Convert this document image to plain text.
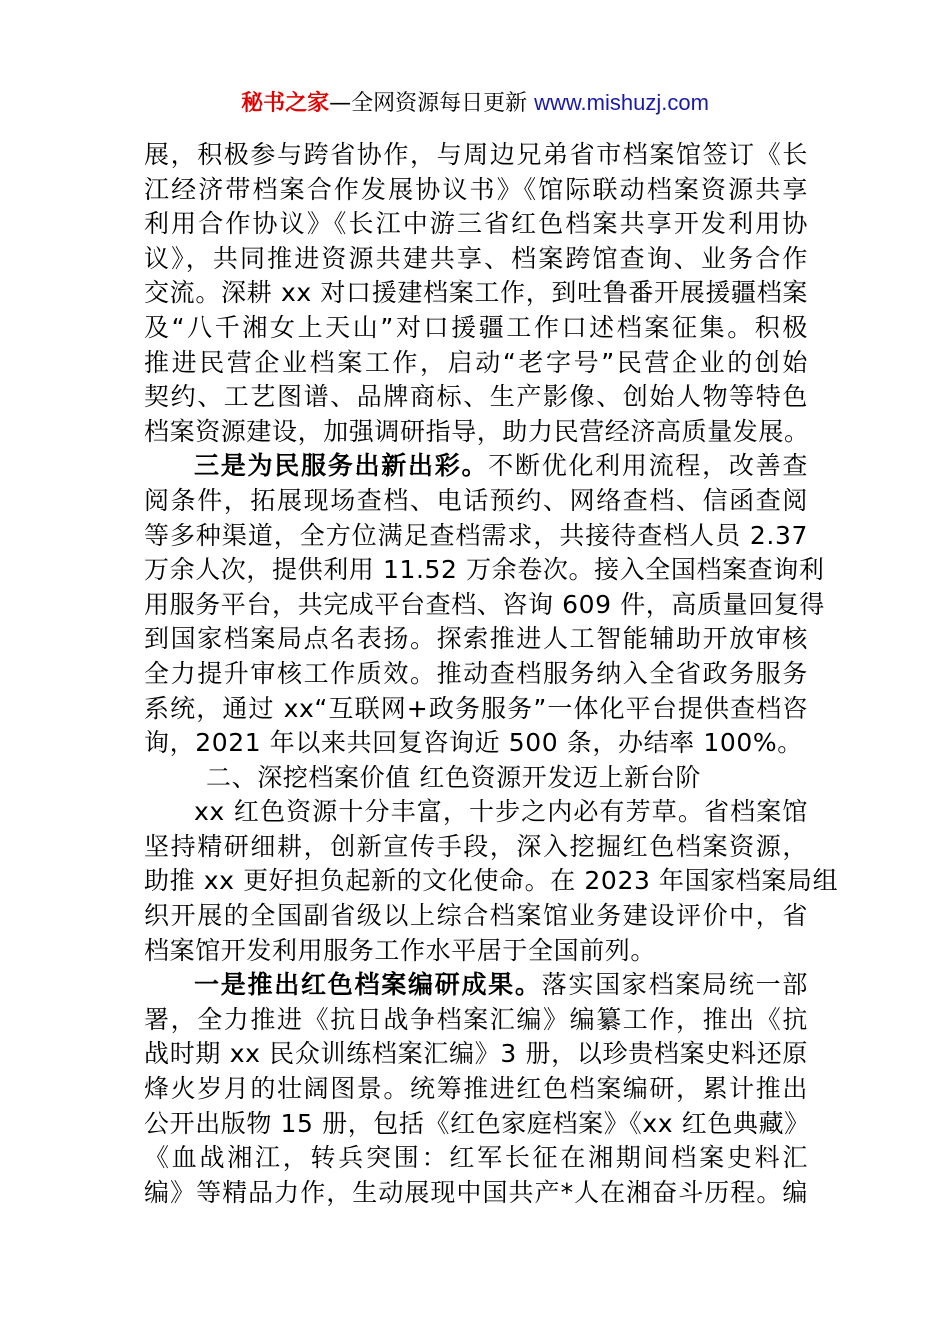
秘书之家—全网资源每日更新 www.mishuzj.com
展，积极参与跨省协作，与周边兄弟省市档案馆签订《长
江经济带档案合作发展协议书》《馆际联动档案资源共享
利用合作协议》《长江中游三省红色档案共享开发利用协
议》，共同推进资源共建共享、档案跨馆查询、业务合作
交流。深耕 xx 对口援建档案工作，到吐鲁番开展援疆档案
及“八千湘女上天山”对口援疆工作口述档案征集。积极
推进民营企业档案工作，启动“老字号”民营企业的创始
契约、工艺图谱、品牌商标、生产影像、创始人物等特色
档案资源建设，加强调研指导，助力民营经济高质量发展。
三是为民服务出新出彩。不断优化利用流程，改善查
阅条件，拓展现场查档、电话预约、网络查档、信函查阅
等多种渠道，全方位满足查档需求，共接待查档人员 2.37
万余人次，提供利用 11.52 万余卷次。接入全国档案查询利
用服务平台，共完成平台查档、咨询 609 件，高质量回复得
到国家档案局点名表扬。探索推进人工智能辅助开放审核
全力提升审核工作质效。推动查档服务纳入全省政务服务
系统，通过 xx“互联网+政务服务”一体化平台提供查档咨
询，2021 年以来共回复咨询近 500 条，办结率 100%。
二、深挖档案价值 红色资源开发迈上新台阶
xx 红色资源十分丰富，十步之内必有芳草。省档案馆
坚持精研细耕，创新宣传手段，深入挖掘红色档案资源，
助推 xx 更好担负起新的文化使命。在 2023 年国家档案局组
织开展的全国副省级以上综合档案馆业务建设评价中，省
档案馆开发利用服务工作水平居于全国前列。
一是推出红色档案编研成果。落实国家档案局统一部
署，全力推进《抗日战争档案汇编》编纂工作，推出《抗
战时期 xx 民众训练档案汇编》3 册，以珍贵档案史料还原
烽火岁月的壮阔图景。统筹推进红色档案编研，累计推出
公开出版物 15 册，包括《红色家庭档案》《xx 红色典藏》
《血战湘江，转兵突围：红军长征在湘期间档案史料汇
编》等精品力作，生动展现中国共产*人在湘奋斗历程。编
